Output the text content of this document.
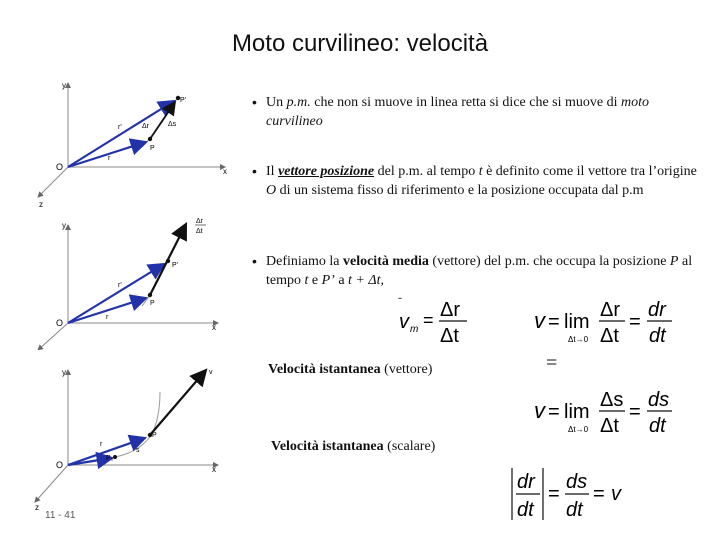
Moto curvilineo: velocità
y
x
z
O
P
P'
r
r'	Δr	Δs
y
x
O
P
P'
r
r'
Δr
Δt
y
x
z
O
P
r
P₀
s
v
• Un p.m. che non si muove in linea retta si dice che si muove di moto curvilineo
• Il vettore posizione del p.m. al tempo t è definito come il vettore tra l’origine O di un sistema fisso di riferimento e la posizione occupata dal p.m
• Definiamo la velocità media (vettore) del p.m. che occupa la posizione P al tempo t e P’ a t + Δt,
v m = Δr
Δt
v = lim
Δt→0
Δr
Δt
=
dr
dt
Velocità istantanea (vettore)	=
v = lim
Δt→0
Δs
Δt
=
ds
dt
Velocità istantanea (scalare)
dr
dt
=
ds
dt
= v
11 - 41
